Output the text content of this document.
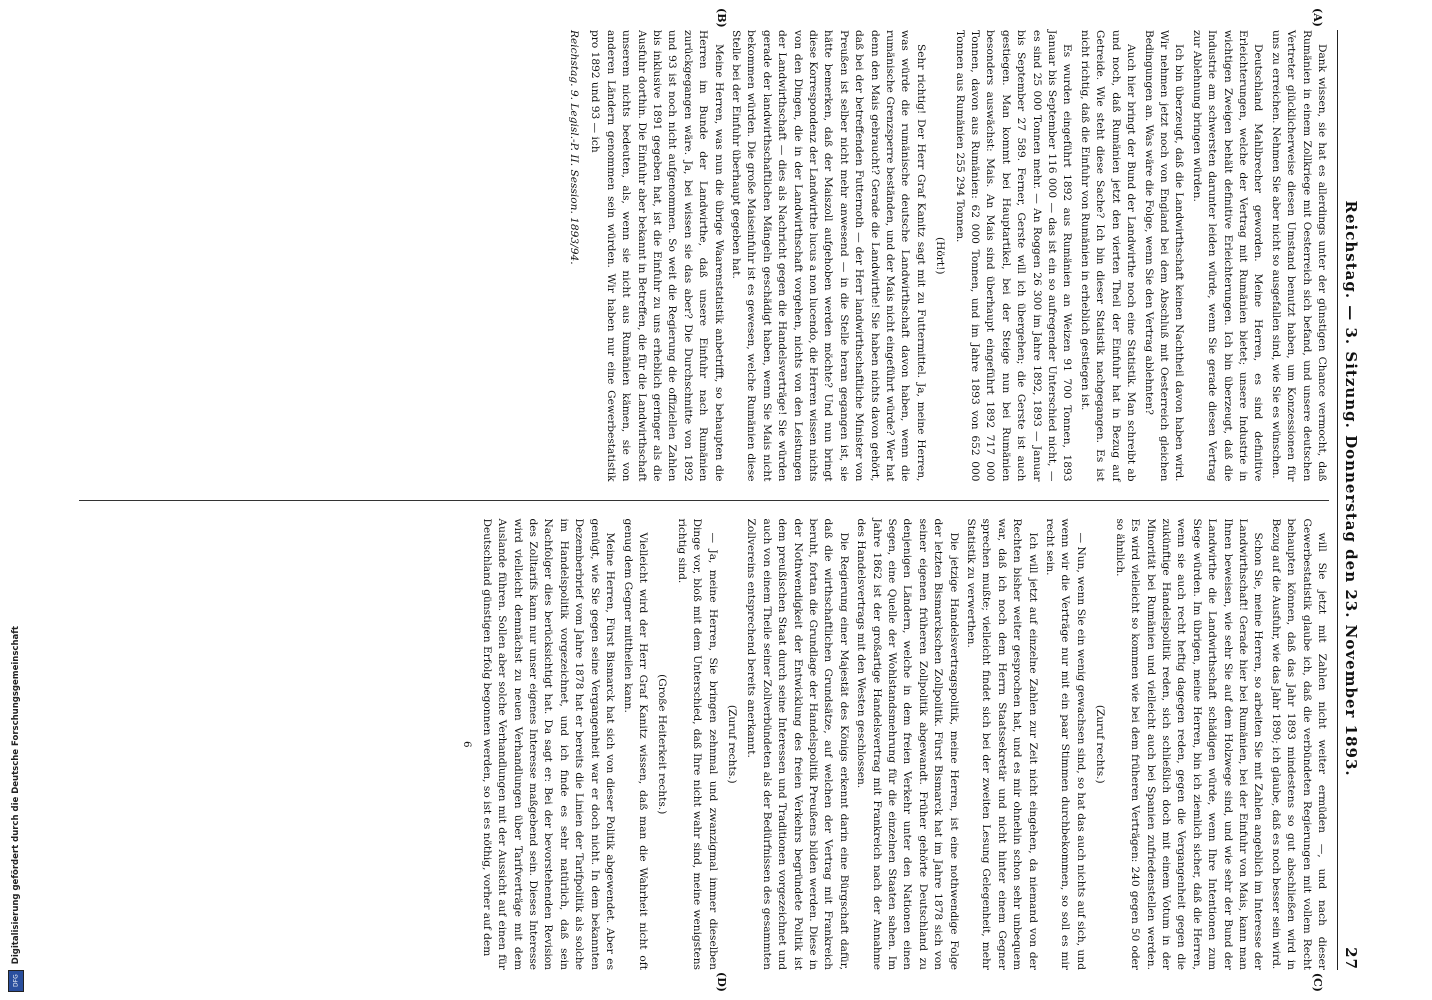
Reichstag. — 3. Sitzung. Donnerstag den 23. November 1893.
27
(A)
(B)

Dank wissen, sie hat es allerdings unter der günstigen Chance vermocht, daß Rumänien in einem Zollkriege mit Oesterreich sich befand, und unsere deutschen Vertreter glücklicherweise diesen Umstand benutzt haben, um Konzessionen für uns zu erreichen. Nehmen Sie aber nicht so ausgefallen sind, wie Sie es wünschen.

Deutschland Mahlbrecher geworden. Meine Herren, es sind definitive Erleichterungen, welche der Vertrag mit Rumänien bietet; unsere Industrie in wichtigen Zweigen behält definitive Erleichterungen. Ich bin überzeugt, daß die Industrie am schwersten darunter leiden würde, wenn Sie gerade diesen Vertrag zur Ablehnung bringen würden.

Ich bin überzeugt, daß die Landwirthschaft keinen Nachtheil davon haben wird. Wir nehmen jetzt noch von England bei dem Abschluß mit Oesterreich gleichen Bedingungen an. Was wäre die Folge, wenn Sie den Vertrag ablehnten?

Auch hier bringt der Bund der Landwirthe noch eine Statistik. Man schreibt ab und noch, daß Rumänien jetzt den vierten Theil der Einfuhr hat in Bezug auf Getreide. Wie steht diese Sache? Ich bin dieser Statistik nachgegangen. Es ist nicht richtig, daß die Einfuhr von Rumänien in erheblich gestiegen ist.

Es wurden eingeführt 1892 aus Rumänien an Weizen 91 700 Tonnen, 1893 Januar bis September 116 000 — das ist ein so aufregender Unterschied nicht, — es sind 25 000 Tonnen mehr. — An Roggen 26 300 im Jahre 1892, 1893 — Januar bis September 27 589. Ferner, Gerste will ich übergehen; die Gerste ist auch gestiegen. Man kommt bei Hauptartikel, bei der Steige nun bei Rumänien besonders auswächst: Mais. An Mais sind überhaupt eingeführt 1892 717 000 Tonnen, davon aus Rumänien: 62 000 Tonnen, und im Jahre 1893 von 652 000 Tonnen aus Rumänien 255 294 Tonnen.

(Hört!)

Sehr richtig! Der Herr Graf Kanitz sagt mit zu Futtermittel. Ja, meine Herren, was würde die rumänische deutsche Landwirthschaft davon haben, wenn die rumänische Grenzsperre beständen, und der Mais nicht eingeführt würde? Wer hat denn den Mais gebraucht? Gerade die Landwirthe! Sie haben nichts davon gehört, daß bei der betreffenden Futternoth — der Herr landwirthschaftliche Minister von Preußen ist selber nicht mehr anwesend — in die Stelle heran gegangen ist, sie hätte bemerken, daß der Maiszoll aufgehoben werden möchte? Und nun bringt diese Korrespondenz der Landwirthe lucus a non lucendo, die Herren wissen nichts von den Dingen, die in der Landwirthschaft vorgehen, nichts von den Leistungen der Landwirthschaft — dies als Nachricht gegen die Handelsverträge! Sie würden gerade der landwirthschaftlichen Mängeln geschädigt haben, wenn Sie Mais nicht bekommen würden. Die große Maiseinfuhr ist es gewesen, welche Rumänien diese Stelle bei der Einfuhr überhaupt gegeben hat.

Meine Herren, was nun die übrige Waarenstatistik anbetrifft, so behaupten die Herren im Bunde der Landwirthe, daß unsere Einfuhr nach Rumänien zurückgegangen wäre. Ja, bei wissen sie das aber? Die Durchschnitte von 1892 und 93 ist noch nicht aufgenommen. So weit die Regierung die offiziellen Zahlen bis inklusive 1891 gegeben hat, ist die Einfuhr zu uns erheblich geringer als die Ausfuhr dorthin. Die Einfuhr aber bekannt in Betreffen, die für die Landwirthschaft unserem nichts bedeuten, als, wenn sie nicht aus Rumänien kämen, sie von anderen Ländern genommen sein würden. Wir haben nur eine Gewerbestatistik pro 1892 und 93 — ich

Reichstag. 9. Legisl.-P. II. Session. 1893/94.

(C)
(D)

will Sie jetzt mit Zahlen nicht weiter ermüden —, und nach dieser Gewerbestatistik glaube ich, daß die verbündeten Regierungen mit vollem Recht behaupten können, daß das Jahr 1893 mindestens so gut abschließen wird in Bezug auf die Ausfuhr, wie das Jahr 1890; ich glaube, daß es noch besser sein wird.

Schon Sie, meine Herren, so arbeiten Sie mit Zahlen angeblich im Interesse der Landwirthschaft! Gerade hier bei Rumänien, bei der Einfuhr von Mais, kann man Ihnen beweisen, wie sehr Sie auf dem Holzwege sind, und wie sehr der Bund der Landwirthe die Landwirthschaft schädigen würde, wenn Ihre Intentionen zum Siege würden. Im übrigen, meine Herren, bin ich ziemlich sicher, daß die Herren, wenn sie auch recht heftig dagegen reden, gegen die Vergangenheit gegen die zukünftige Handelspolitik reden, sich schließlich doch mit einem Votum in der Minorität bei Rumänien und vielleicht auch bei Spanien zufriedenstellen werden. Es wird vielleicht so kommen wie bei dem früheren Verträgen: 240 gegen 50 oder so ähnlich.

(Zuruf rechts.)

— Nun, wenn Sie ein wenig gewachsen sind, so hat das auch nichts auf sich, und wenn wir die Verträge nur mit ein paar Stimmen durchbekommen, so soll es mir recht sein.

Ich will jetzt auf einzelne Zahlen zur Zeit nicht eingehen, da niemand von der Rechten bisher weiter gesprochen hat, und es mir ohnehin schon sehr unbequem war, daß ich noch dem Herrn Staatssekretär und nicht hinter einem Gegner sprechen mußte; vielleicht findet sich bei der zweiten Lesung Gelegenheit, mehr Statistik zu verwerthen.

Die jetzige Handelsvertragspolitik, meine Herren, ist eine nothwendige Folge der letzten Bismarckschen Zollpolitik. Fürst Bismarck hat im Jahre 1878 sich von seiner eigenen früheren Zollpolitik abgewandt. Früher gehörte Deutschland zu denjenigen Ländern, welche in dem freien Verkehr unter den Nationen einen Segen, eine Quelle der Wohlstandsmehrung für die einzelnen Staaten sahen. Im Jahre 1862 ist der großartige Handelsvertrag mit Frankreich nach der Annahme des Handelsvertrags mit den Westen geschlossen.

Die Regierung einer Majestät des Königs erkennt darin eine Bürgschaft dafür, daß die wirthschaftlichen Grundsätze, auf welchen der Vertrag mit Frankreich beruht, fortan die Grundlage der Handelspolitik Preußens bilden werden. Diese in der Nothwendigkeit der Entwicklung des freien Verkehrs begründete Politik ist dem preußischen Staat durch seine Interessen und Traditionen vorgezeichnet und auch von einem Theile seiner Zollverbündeten als der Bedürfnissen des gesammten Zollvereins entsprechend bereits anerkannt.

(Zuruf rechts.)

— Ja, meine Herren, Sie bringen zehnmal und zwanzigmal immer dieselben Dinge vor, bloß mit dem Unterschied, daß Ihre nicht wahr sind, meine wenigstens richtig sind.

(Große Heiterkeit rechts.)

Vielleicht wird der Herr Graf Kanitz wissen, daß man die Wahrheit nicht oft genug dem Gegner mittheilen kann.

Meine Herren, Fürst Bismarck hat sich von dieser Politik abgewendet. Aber es genügt, wie Sie gegen seine Vergangenheit war er doch nicht. In dem bekannten Dezemberbrief vom Jahre 1878 hat er bereits die Linien der Tarifpolitik als solche im Handelspolitik vorgezeichnet, und ich finde es sehr natürlich, daß sein Nachfolger dies berücksichtigt hat. Da sagt er: Bei der bevorstehenden Revision des Zolltarifs kann nur unser eigenes Interesse maßgebend sein. Dieses Interesse wird vielleicht demnächst zu neuen Verhandlungen über Tarifverträge mit dem Auslande führen. Sollen aber solche Verhandlungen mit der Aussicht auf einen für Deutschland günstigen Erfolg begonnen werden, so ist es nöthig, vorher auf dem

6
Digitalisierung gefördert durch die Deutsche Forschungsgemeinschaft
DFG
